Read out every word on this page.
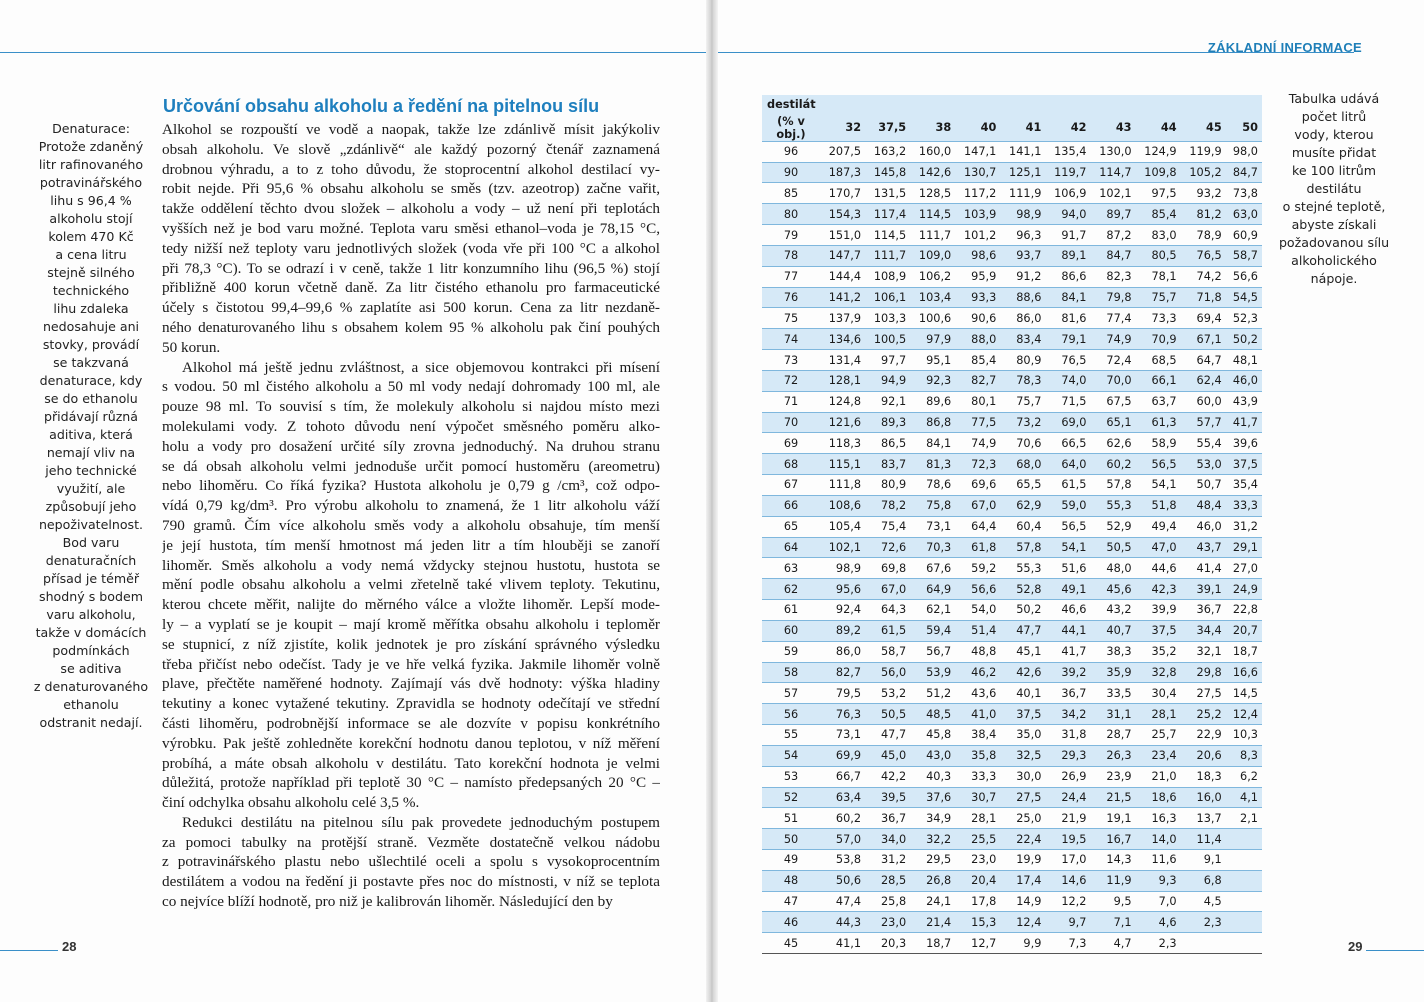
28
Denaturace:
Protože zdaněný
litr rafinovaného
potravinářského
lihu s 96,4 %
alkoholu stojí
kolem 470 Kč
a cena litru
stejně silného
technického
lihu zdaleka
nedosahuje ani
stovky, provádí
se takzvaná
denaturace, kdy
se do ethanolu
přidávají různá
aditiva, která
nemají vliv na
jeho technické
využití, ale
způsobují jeho
nepoživatelnost.
Bod varu
denaturačních
přísad je téměř
shodný s bodem
varu alkoholu,
takže v domácích
podmínkách
se aditiva
z denaturovaného
ethanolu
odstranit nedají.
Určování obsahu alkoholu a ředění na pitelnou sílu
Alkohol se rozpouští ve vodě a naopak, takže lze zdánlivě mísit jakýkoliv
obsah alkoholu. Ve slově „zdánlivě“ ale každý pozorný čtenář zaznamená
drobnou výhradu, a to z toho důvodu, že stoprocentní alkohol destilací vy-
robit nejde. Při 95,6 % obsahu alkoholu se směs (tzv. azeotrop) začne vařit,
takže oddělení těchto dvou složek – alkoholu a vody – už není při teplotách
vyšších než je bod varu možné. Teplota varu směsi ethanol–voda je 78,15 °C,
tedy nižší než teploty varu jednotlivých složek (voda vře při 100 °C a alkohol
při 78,3 °C). To se odrazí i v ceně, takže 1 litr konzumního lihu (96,5 %) stojí
přibližně 400 korun včetně daně. Za litr čistého ethanolu pro farmaceutické
účely s čistotou 99,4–99,6 % zaplatíte asi 500 korun. Cena za litr nezdaně-
ného denaturovaného lihu s obsahem kolem 95 % alkoholu pak činí pouhých
50 korun.
Alkohol má ještě jednu zvláštnost, a sice objemovou kontrakci při mísení
s vodou. 50 ml čistého alkoholu a 50 ml vody nedají dohromady 100 ml, ale
pouze 98 ml. To souvisí s tím, že molekuly alkoholu si najdou místo mezi
molekulami vody. Z tohoto důvodu není výpočet směsného poměru alko-
holu a vody pro dosažení určité síly zrovna jednoduchý. Na druhou stranu
se dá obsah alkoholu velmi jednoduše určit pomocí hustoměru (areometru)
nebo lihoměru. Co říká fyzika? Hustota alkoholu je 0,79 g /cm³, což odpo-
vídá 0,79 kg/dm³. Pro výrobu alkoholu to znamená, že 1 litr alkoholu váží
790 gramů. Čím více alkoholu směs vody a alkoholu obsahuje, tím menší
je její hustota, tím menší hmotnost má jeden litr a tím hlouběji se zanoří
lihoměr. Směs alkoholu a vody nemá vždycky stejnou hustotu, hustota se
mění podle obsahu alkoholu a velmi zřetelně také vlivem teploty. Tekutinu,
kterou chcete měřit, nalijte do měrného válce a vložte lihoměr. Lepší mode-
ly – a vyplatí se je koupit – mají kromě měřítka obsahu alkoholu i teploměr
se stupnicí, z níž zjistíte, kolik jednotek je pro získání správného výsledku
třeba přičíst nebo odečíst. Tady je ve hře velká fyzika. Jakmile lihoměr volně
plave, přečtěte naměřené hodnoty. Zajímají vás dvě hodnoty: výška hladiny
tekutiny a konec vytažené tekutiny. Zpravidla se hodnoty odečítají ve střední
části lihoměru, podrobnější informace se ale dozvíte v popisu konkrétního
výrobku. Pak ještě zohledněte korekční hodnotu danou teplotou, v níž měření
probíhá, a máte obsah alkoholu v destilátu. Tato korekční hodnota je velmi
důležitá, protože například při teplotě 30 °C – namísto předepsaných 20 °C –
činí odchylka obsahu alkoholu celé 3,5 %.
Redukci destilátu na pitelnou sílu pak provedete jednoduchým postupem
za pomoci tabulky na protější straně. Vezměte dostatečně velkou nádobu
z potravinářského plastu nebo ušlechtilé oceli a spolu s vysokoprocentním
destilátem a vodou na ředění ji postavte přes noc do místnosti, v níž se teplota
co nejvíce blíží hodnotě, pro niž je kalibrován lihoměr. Následující den by
29
ZÁKLADNÍ INFORMACE
Tabulka udává
počet litrů
vody, kterou
musíte přidat
ke 100 litrům
destilátu
o stejné teplotě,
abyste získali
požadovanou sílu
alkoholického
nápoje.
destilát										
(% v obj.)	32	37,5	38	40	41	42	43	44	45	50
96	207,5	163,2	160,0	147,1	141,1	135,4	130,0	124,9	119,9	98,0
90	187,3	145,8	142,6	130,7	125,1	119,7	114,7	109,8	105,2	84,7
85	170,7	131,5	128,5	117,2	111,9	106,9	102,1	97,5	93,2	73,8
80	154,3	117,4	114,5	103,9	98,9	94,0	89,7	85,4	81,2	63,0
79	151,0	114,5	111,7	101,2	96,3	91,7	87,2	83,0	78,9	60,9
78	147,7	111,7	109,0	98,6	93,7	89,1	84,7	80,5	76,5	58,7
77	144,4	108,9	106,2	95,9	91,2	86,6	82,3	78,1	74,2	56,6
76	141,2	106,1	103,4	93,3	88,6	84,1	79,8	75,7	71,8	54,5
75	137,9	103,3	100,6	90,6	86,0	81,6	77,4	73,3	69,4	52,3
74	134,6	100,5	97,9	88,0	83,4	79,1	74,9	70,9	67,1	50,2
73	131,4	97,7	95,1	85,4	80,9	76,5	72,4	68,5	64,7	48,1
72	128,1	94,9	92,3	82,7	78,3	74,0	70,0	66,1	62,4	46,0
71	124,8	92,1	89,6	80,1	75,7	71,5	67,5	63,7	60,0	43,9
70	121,6	89,3	86,8	77,5	73,2	69,0	65,1	61,3	57,7	41,7
69	118,3	86,5	84,1	74,9	70,6	66,5	62,6	58,9	55,4	39,6
68	115,1	83,7	81,3	72,3	68,0	64,0	60,2	56,5	53,0	37,5
67	111,8	80,9	78,6	69,6	65,5	61,5	57,8	54,1	50,7	35,4
66	108,6	78,2	75,8	67,0	62,9	59,0	55,3	51,8	48,4	33,3
65	105,4	75,4	73,1	64,4	60,4	56,5	52,9	49,4	46,0	31,2
64	102,1	72,6	70,3	61,8	57,8	54,1	50,5	47,0	43,7	29,1
63	98,9	69,8	67,6	59,2	55,3	51,6	48,0	44,6	41,4	27,0
62	95,6	67,0	64,9	56,6	52,8	49,1	45,6	42,3	39,1	24,9
61	92,4	64,3	62,1	54,0	50,2	46,6	43,2	39,9	36,7	22,8
60	89,2	61,5	59,4	51,4	47,7	44,1	40,7	37,5	34,4	20,7
59	86,0	58,7	56,7	48,8	45,1	41,7	38,3	35,2	32,1	18,7
58	82,7	56,0	53,9	46,2	42,6	39,2	35,9	32,8	29,8	16,6
57	79,5	53,2	51,2	43,6	40,1	36,7	33,5	30,4	27,5	14,5
56	76,3	50,5	48,5	41,0	37,5	34,2	31,1	28,1	25,2	12,4
55	73,1	47,7	45,8	38,4	35,0	31,8	28,7	25,7	22,9	10,3
54	69,9	45,0	43,0	35,8	32,5	29,3	26,3	23,4	20,6	8,3
53	66,7	42,2	40,3	33,3	30,0	26,9	23,9	21,0	18,3	6,2
52	63,4	39,5	37,6	30,7	27,5	24,4	21,5	18,6	16,0	4,1
51	60,2	36,7	34,9	28,1	25,0	21,9	19,1	16,3	13,7	2,1
50	57,0	34,0	32,2	25,5	22,4	19,5	16,7	14,0	11,4	
49	53,8	31,2	29,5	23,0	19,9	17,0	14,3	11,6	9,1	
48	50,6	28,5	26,8	20,4	17,4	14,6	11,9	9,3	6,8	
47	47,4	25,8	24,1	17,8	14,9	12,2	9,5	7,0	4,5	
46	44,3	23,0	21,4	15,3	12,4	9,7	7,1	4,6	2,3	
45	41,1	20,3	18,7	12,7	9,9	7,3	4,7	2,3		
